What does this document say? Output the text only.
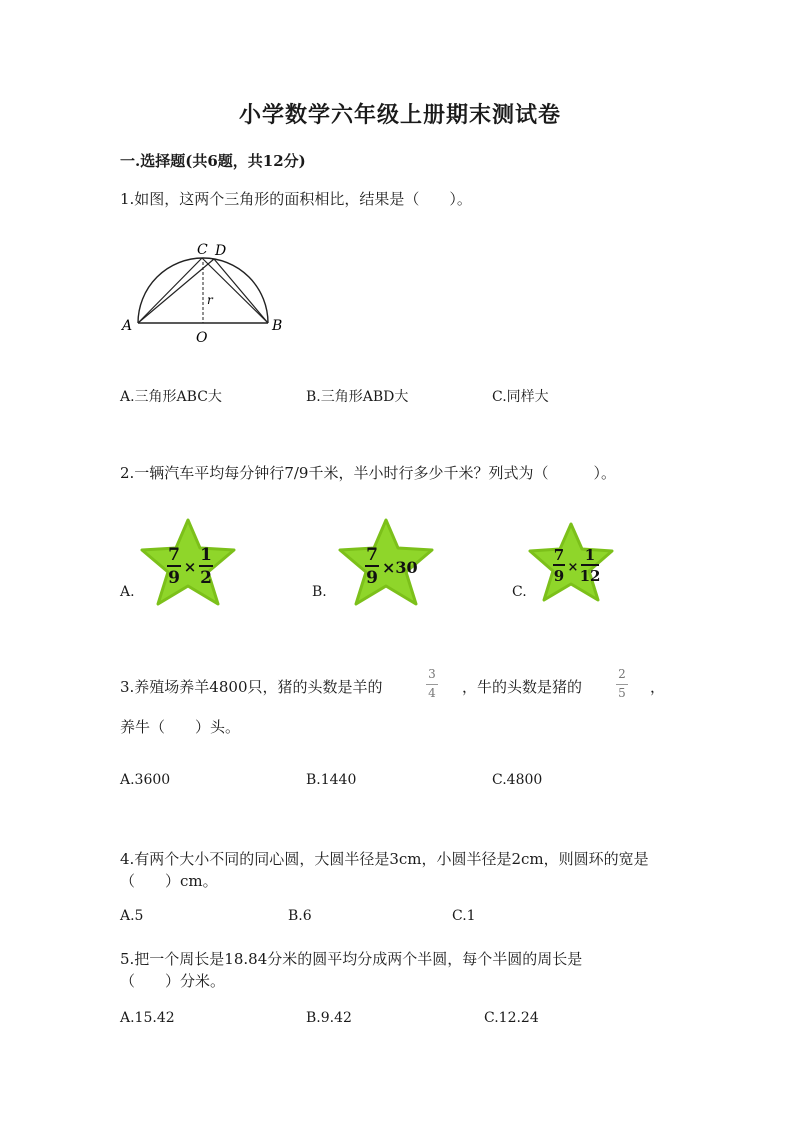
小学数学六年级上册期末测试卷
一.选择题(共6题，共12分)
1.如图，这两个三角形的面积相比，结果是（　　）。
A	B
C D
O
r
A.三角形ABC大	B.三角形ABD大	C.同样大
2.一辆汽车平均每分钟行7/9千米，半小时行多少千米？列式为（　　　）。
A.
7
9
×
1
2
B.
7
9
×30
C.
7
9 ×
1
12
3.养殖场养羊4800只，猪的头数是羊的
3
4 ，牛的头数是猪的
2
5 ，
养牛（　　）头。
A.3600	B.1440	C.4800
4.有两个大小不同的同心圆，大圆半径是3cm，小圆半径是2cm，则圆环的宽是
（　　）cm。
A.5	B.6	C.1
5.把一个周长是18.84分米的圆平均分成两个半圆，每个半圆的周长是
（　　）分米。
A.15.42	B.9.42	C.12.24
